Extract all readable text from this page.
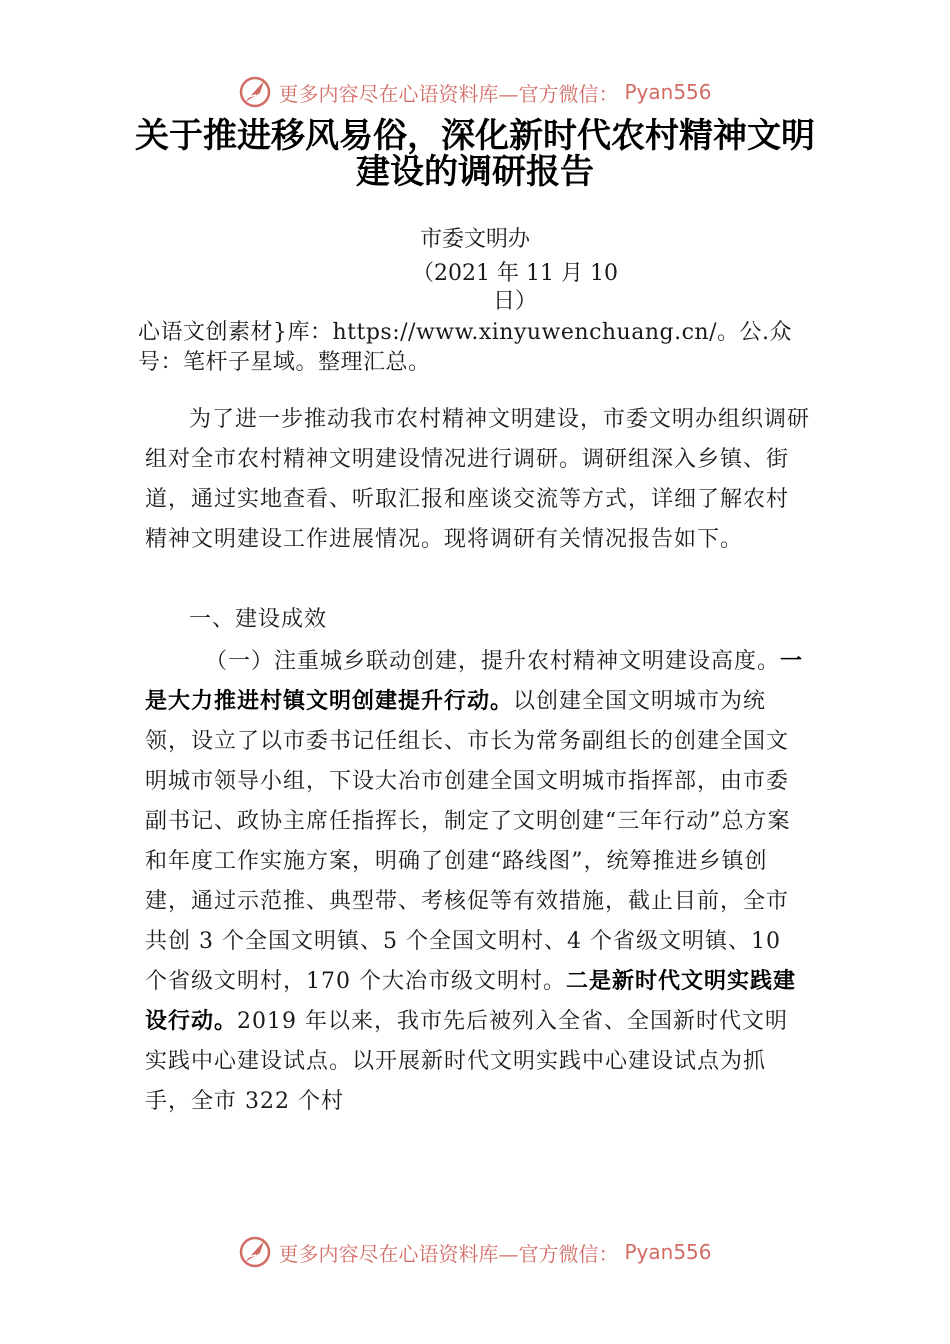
更多内容尽在心语资料库—官方微信： Pyan556
关于推进移风易俗，深化新时代农村精神文明建设的调研报告
市委文明办
（2021 年 11 月 10 日）
心语文创素材}库：https://www.xinyuwenchuang.cn/。公.众号：笔杆子星域。整理汇总。
为了进一步推动我市农村精神文明建设，市委文明办组织调研组对全市农村精神文明建设情况进行调研。调研组深入乡镇、街道，通过实地查看、听取汇报和座谈交流等方式，详细了解农村精神文明建设工作进展情况。现将调研有关情况报告如下。
一、建设成效
（一）注重城乡联动创建，提升农村精神文明建设高度。一是大力推进村镇文明创建提升行动。以创建全国文明城市为统领，设立了以市委书记任组长、市长为常务副组长的创建全国文明城市领导小组，下设大冶市创建全国文明城市指挥部，由市委副书记、政协主席任指挥长，制定了文明创建“三年行动”总方案和年度工作实施方案，明确了创建“路线图”，统筹推进乡镇创建，通过示范推、典型带、考核促等有效措施，截止目前，全市共创 3 个全国文明镇、5 个全国文明村、4 个省级文明镇、10 个省级文明村，170 个大冶市级文明村。二是新时代文明实践建设行动。2019 年以来，我市先后被列入全省、全国新时代文明实践中心建设试点。以开展新时代文明实践中心建设试点为抓手，全市 322 个村
更多内容尽在心语资料库—官方微信： Pyan556
